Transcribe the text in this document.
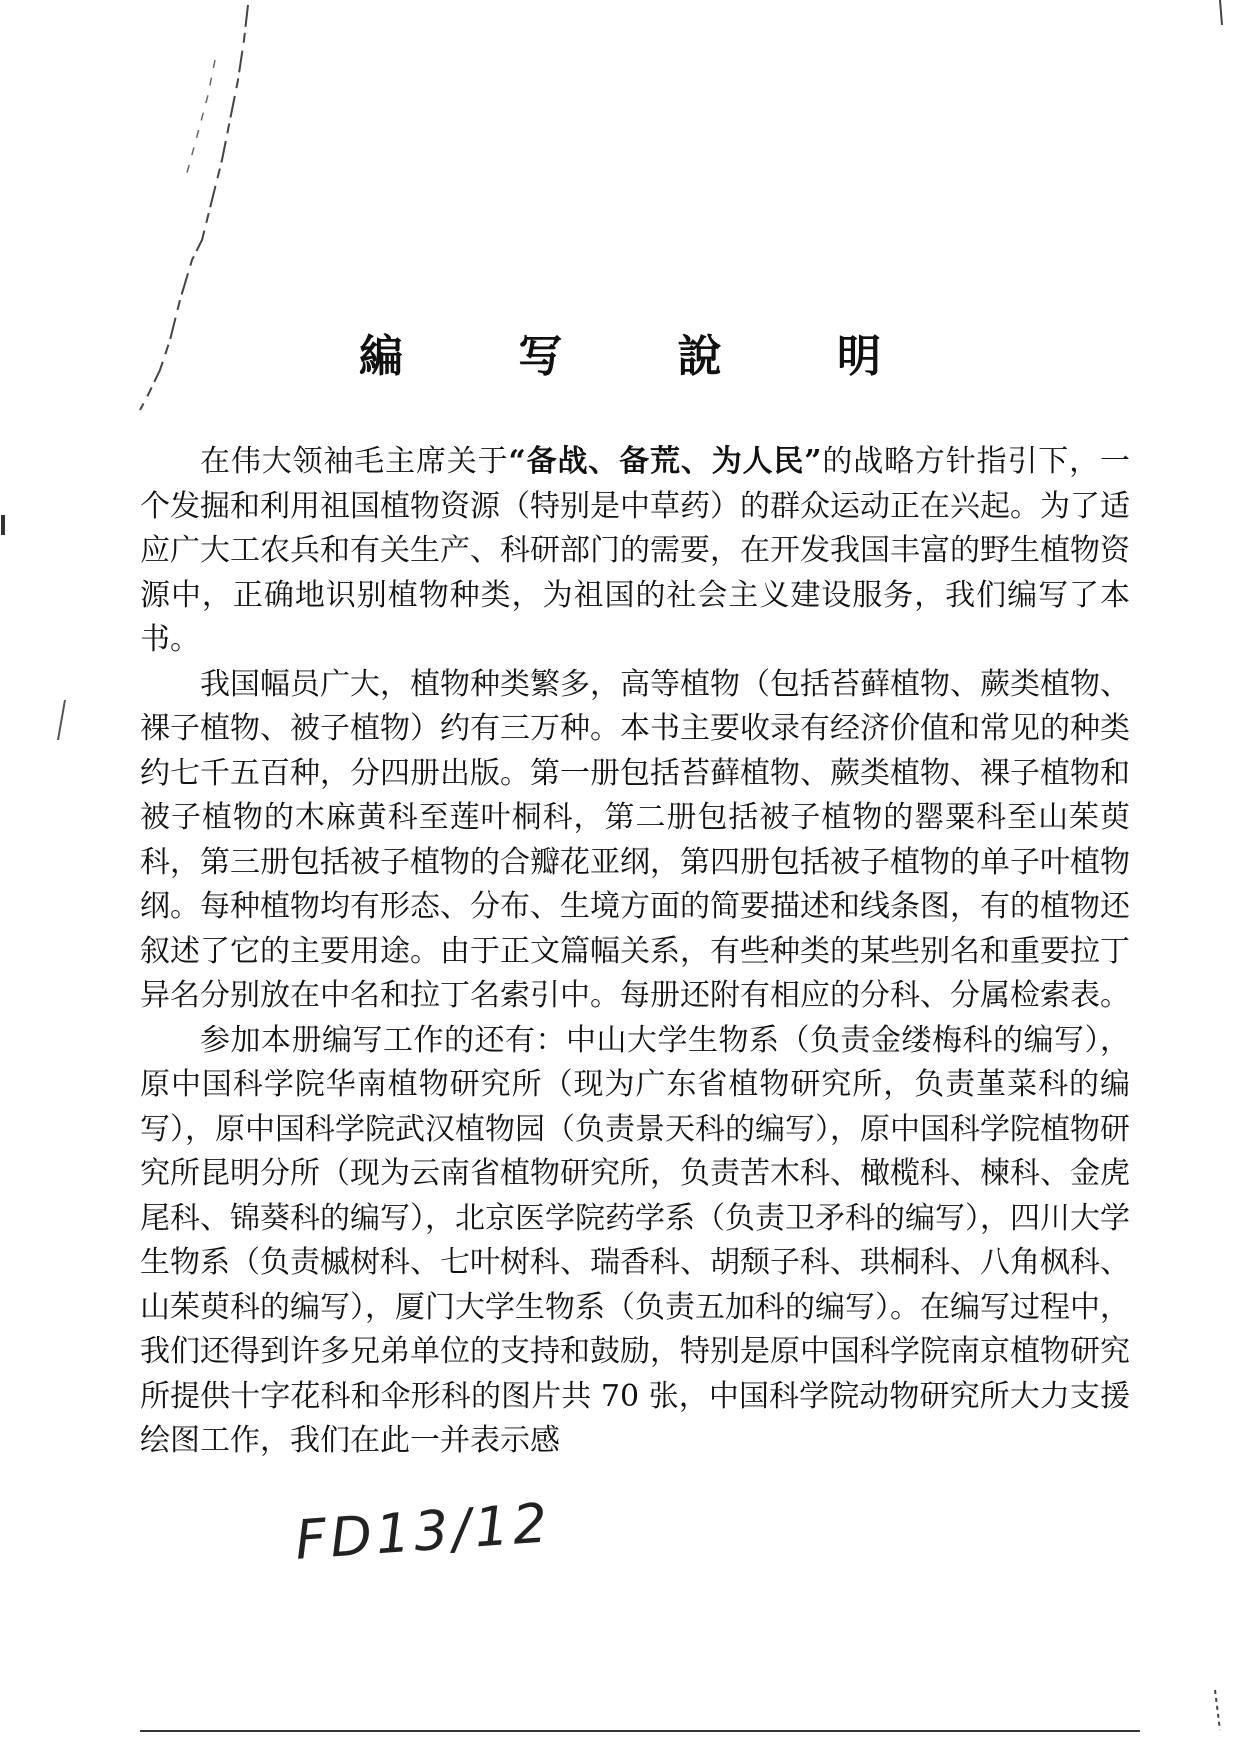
編 写 說 明

在伟大领袖毛主席关于“备战、备荒、为人民”的战略方针指引下，一个发掘和利用祖国植物资源（特别是中草药）的群众运动正在兴起。为了适应广大工农兵和有关生产、科研部门的需要，在开发我国丰富的野生植物资源中，正确地识别植物种类，为祖国的社会主义建设服务，我们编写了本书。

我国幅员广大，植物种类繁多，高等植物（包括苔藓植物、蕨类植物、裸子植物、被子植物）约有三万种。本书主要收录有经济价值和常见的种类约七千五百种，分四册出版。第一册包括苔藓植物、蕨类植物、裸子植物和被子植物的木麻黄科至莲叶桐科，第二册包括被子植物的罂粟科至山茱萸科，第三册包括被子植物的合瓣花亚纲，第四册包括被子植物的单子叶植物纲。每种植物均有形态、分布、生境方面的简要描述和线条图，有的植物还叙述了它的主要用途。由于正文篇幅关系，有些种类的某些别名和重要拉丁异名分别放在中名和拉丁名索引中。每册还附有相应的分科、分属检索表。

参加本册编写工作的还有：中山大学生物系（负责金缕梅科的编写），原中国科学院华南植物研究所（现为广东省植物研究所，负责堇菜科的编写），原中国科学院武汉植物园（负责景天科的编写），原中国科学院植物研究所昆明分所（现为云南省植物研究所，负责苦木科、橄榄科、楝科、金虎尾科、锦葵科的编写），北京医学院药学系（负责卫矛科的编写），四川大学生物系（负责槭树科、七叶树科、瑞香科、胡颓子科、珙桐科、八角枫科、山茱萸科的编写），厦门大学生物系（负责五加科的编写）。在编写过程中，我们还得到许多兄弟单位的支持和鼓励，特别是原中国科学院南京植物研究所提供十字花科和伞形科的图片共 70 张，中国科学院动物研究所大力支援绘图工作，我们在此一并表示感

FD13/12
